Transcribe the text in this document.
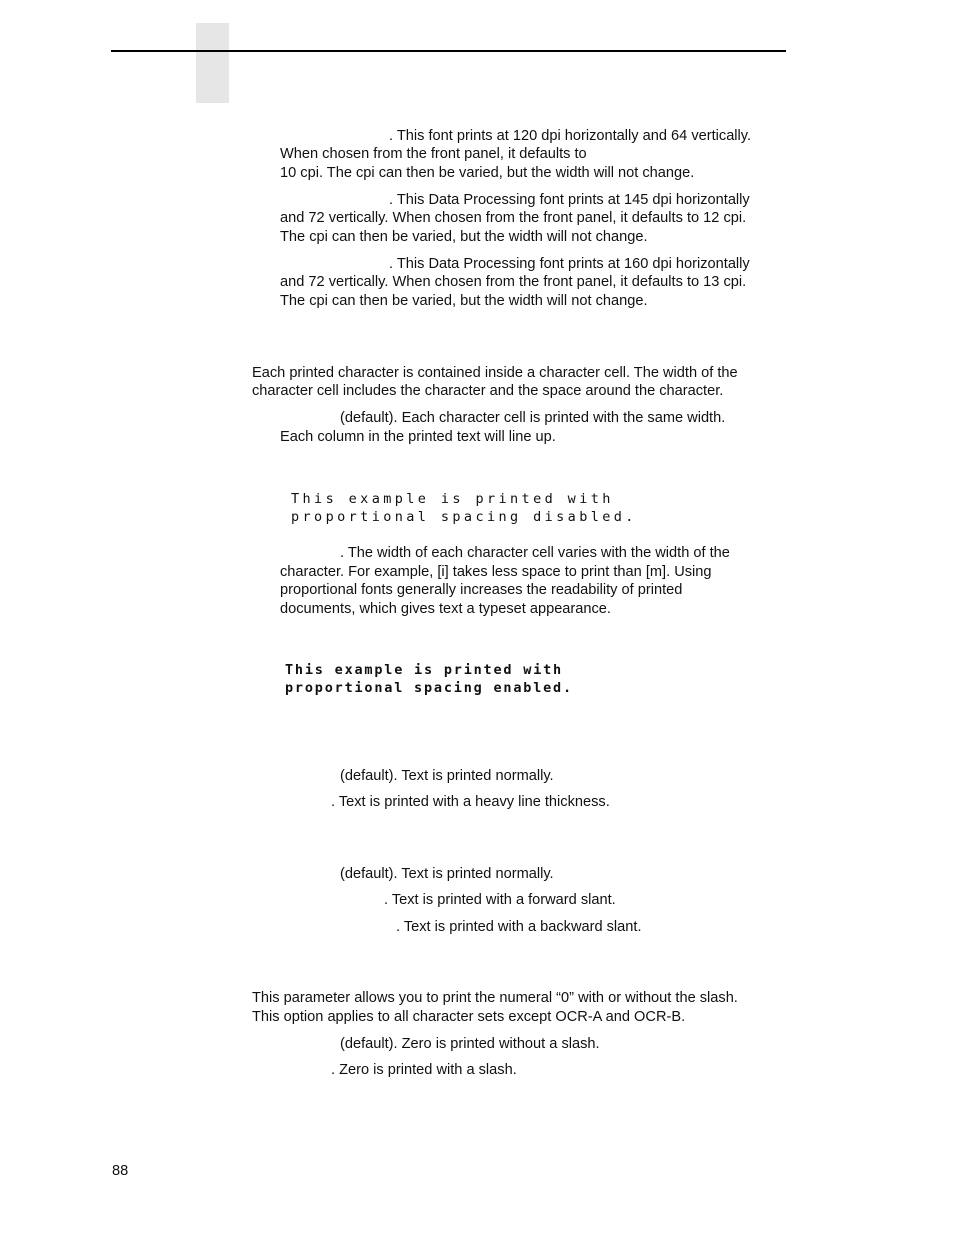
. This font prints at 120 dpi horizontally and 64 vertically.
When chosen from the front panel, it defaults to
10 cpi. The cpi can then be varied, but the width will not change.
. This Data Processing font prints at 145 dpi horizontally
and 72 vertically. When chosen from the front panel, it defaults to 12 cpi.
The cpi can then be varied, but the width will not change.
. This Data Processing font prints at 160 dpi horizontally
and 72 vertically. When chosen from the front panel, it defaults to 13 cpi.
The cpi can then be varied, but the width will not change.
Each printed character is contained inside a character cell. The width of the
character cell includes the character and the space around the character.
(default). Each character cell is printed with the same width.
Each column in the printed text will line up.
This example is printed with
proportional spacing disabled.
. The width of each character cell varies with the width of the
character. For example, [i] takes less space to print than [m]. Using
proportional fonts generally increases the readability of printed
documents, which gives text a typeset appearance.
This example is printed with
proportional spacing enabled.
(default). Text is printed normally.
. Text is printed with a heavy line thickness.
(default). Text is printed normally.
. Text is printed with a forward slant.
. Text is printed with a backward slant.
This parameter allows you to print the numeral “0” with or without the slash.
This option applies to all character sets except OCR-A and OCR-B.
(default). Zero is printed without a slash.
. Zero is printed with a slash.
88
